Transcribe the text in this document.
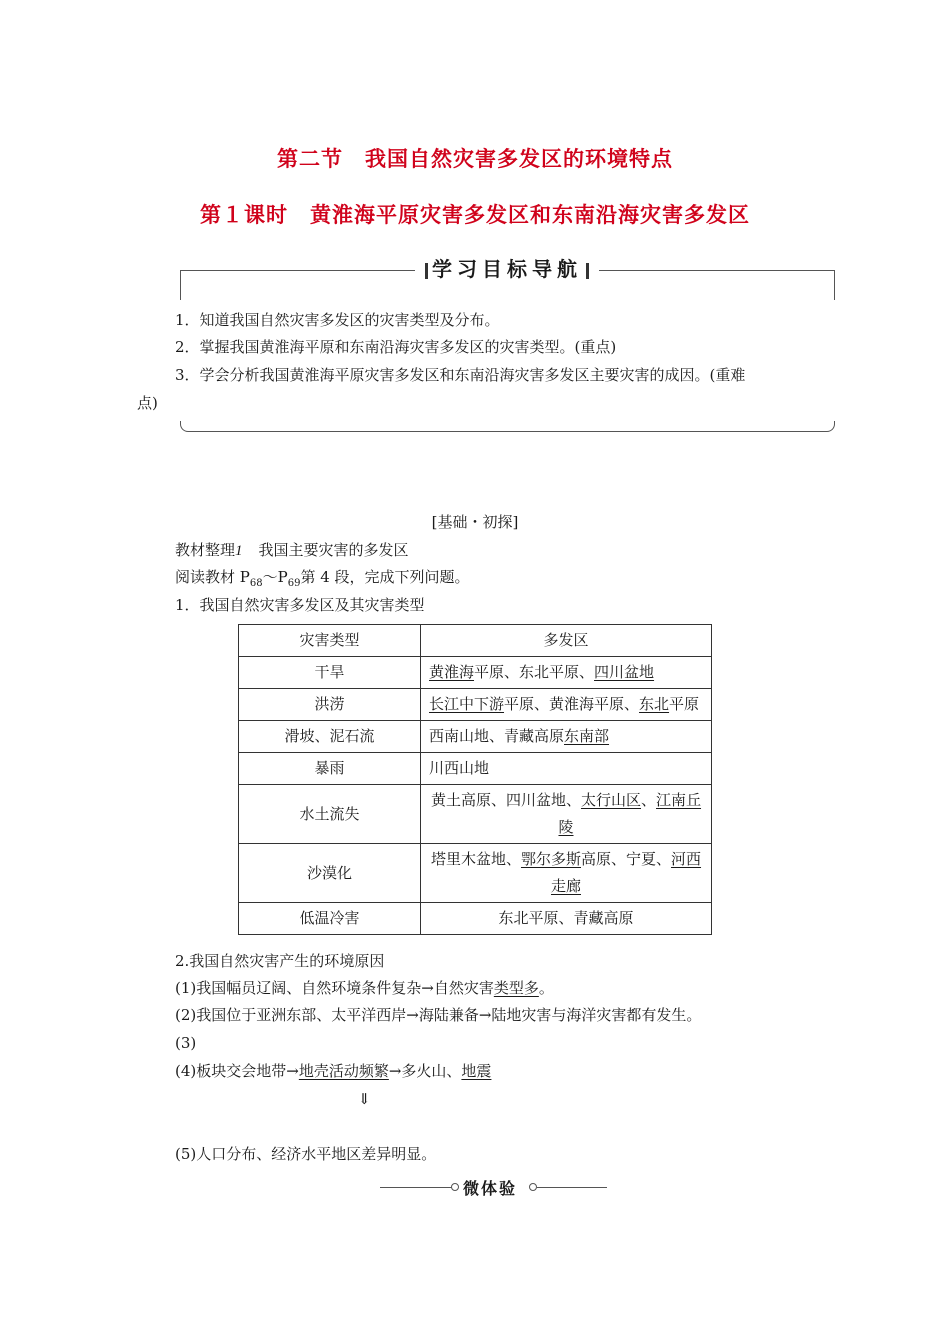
第二节　我国自然灾害多发区的环境特点
第１课时　黄淮海平原灾害多发区和东南沿海灾害多发区
学习目标导航
1．知道我国自然灾害多发区的灾害类型及分布。
2．掌握我国黄淮海平原和东南沿海灾害多发区的灾害类型。(重点)
3．学会分析我国黄淮海平原灾害多发区和东南沿海灾害多发区主要灾害的成因。(重难
点)
[基础・初探]
教材整理1 我国主要灾害的多发区
阅读教材 $P_{68}\sim P_{69}$第 4 段，完成下列问题。
1．我国自然灾害多发区及其灾害类型
灾害类型	多发区
干旱	黄淮海平原、东北平原、四川盆地
洪涝	长江中下游平原、黄淮海平原、东北平原
滑坡、泥石流	西南山地、青藏高原东南部
暴雨	川西山地
水土流失	黄土高原、四川盆地、太行山区、江南丘陵
沙漠化	塔里木盆地、鄂尔多斯高原、宁夏、河西走廊
低温冷害	东北平原、青藏高原
2.我国自然灾害产生的环境原因
(1)我国幅员辽阔、自然环境条件复杂→自然灾害类型多。
(2)我国位于亚洲东部、太平洋西岸→海陆兼备→陆地灾害与海洋灾害都有发生。
(3)
(4)板块交会地带→地壳活动频繁→多火山、地震
⇓
(5)人口分布、经济水平地区差异明显。
微体验
